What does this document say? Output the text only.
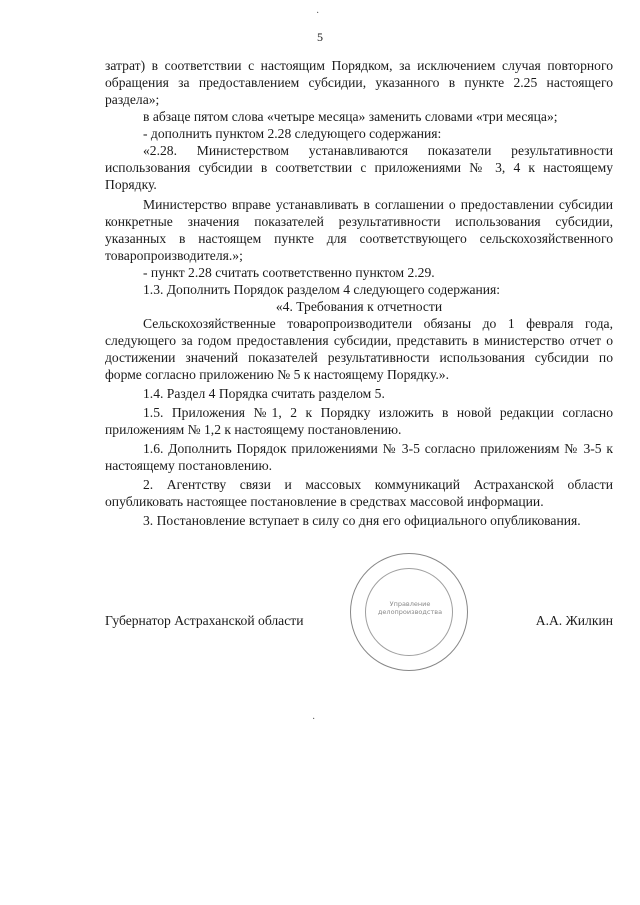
5

затрат) в соответствии с настоящим Порядком, за исключением случая повторного обращения за предоставлением субсидии, указанного в пункте 2.25 настоящего раздела»;

в абзаце пятом слова «четыре месяца» заменить словами «три месяца»;

- дополнить пунктом 2.28 следующего содержания:

«2.28. Министерством устанавливаются показатели результативности использования субсидии в соответствии с приложениями № 3, 4 к настоящему Порядку.

Министерство вправе устанавливать в соглашении о предоставлении субсидии конкретные значения показателей результативности использования субсидии, указанных в настоящем пункте для соответствующего сельскохозяйственного товаропроизводителя.»;

- пункт 2.28 считать соответственно пунктом 2.29.

1.3. Дополнить Порядок разделом 4 следующего содержания:

«4. Требования к отчетности

Сельскохозяйственные товаропроизводители обязаны до 1 февраля года, следующего за годом предоставления субсидии, представить в министерство отчет о достижении значений показателей результативности использования субсидии по форме согласно приложению № 5 к настоящему Порядку.».

1.4. Раздел 4 Порядка считать разделом 5.

1.5. Приложения №1, 2 к Порядку изложить в новой редакции согласно приложениям № 1,2 к настоящему постановлению.

1.6. Дополнить Порядок приложениями № 3-5 согласно приложениям № 3-5 к настоящему постановлению.

2. Агентству связи и массовых коммуникаций Астраханской области опубликовать настоящее постановление в средствах массовой информации.

3. Постановление вступает в силу со дня его официального опубликования.

Управление делопроизводства
Губернатор Астраханской области	А.А. Жилкин
·
·
